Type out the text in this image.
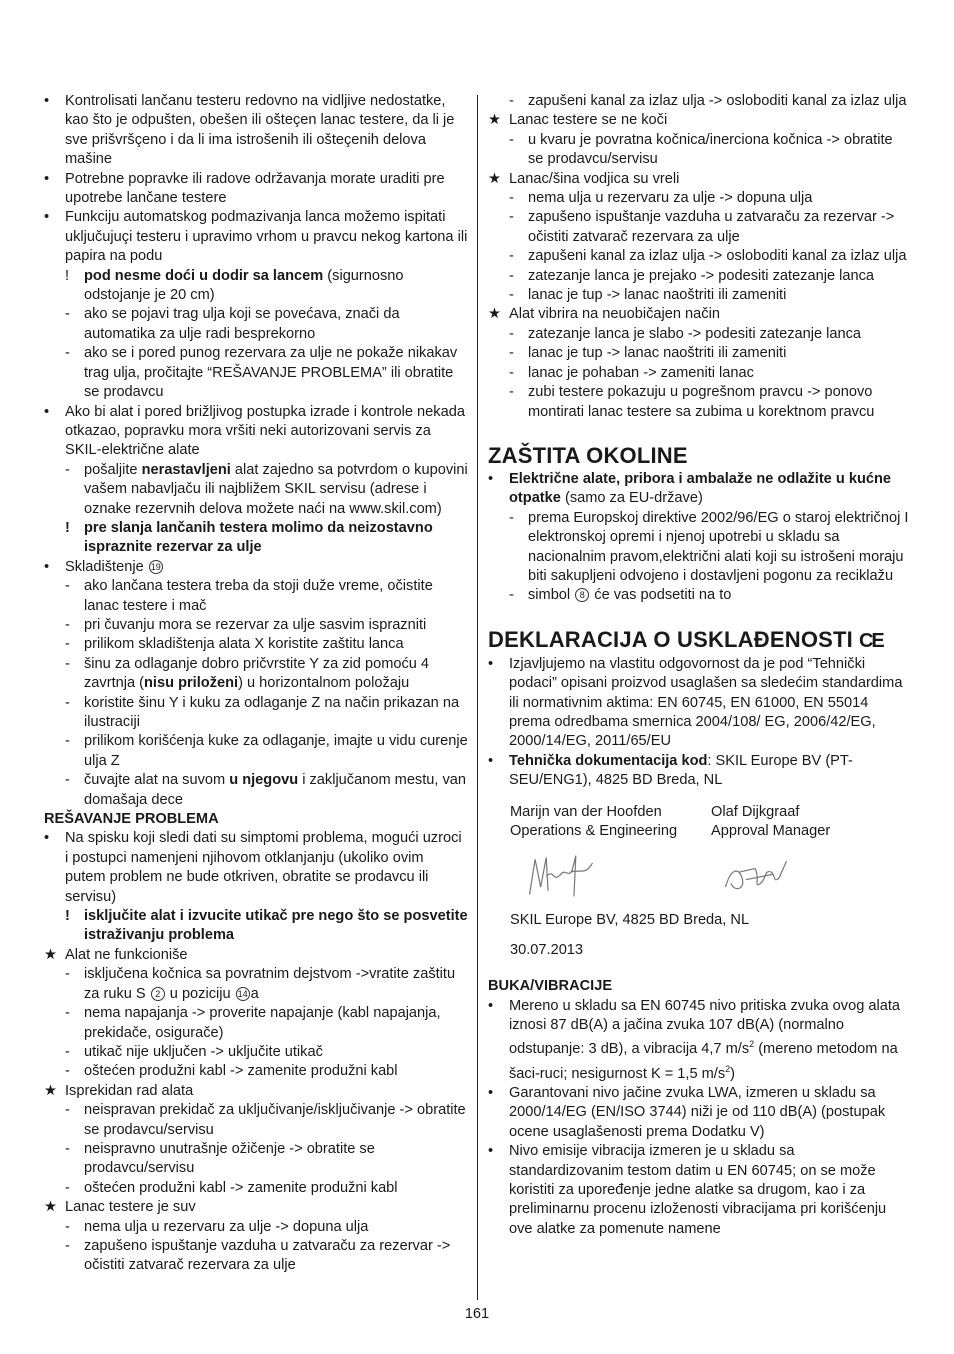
• Kontrolisati lančanu testeru redovno na vidljive nedostatke, kao što je odpušten, obešen ili ošteçen lanac testere, da li je sve prišvršçeno i da li ima istrošenih ili ošteçenih delova mašine
• Potrebne popravke ili radove održavanja morate uraditi pre upotrebe lančane testere
• Funkciju automatskog podmazivanja lanca možemo ispitati uključujuçi testeru i upravimo vrhom u pravcu nekog kartona ili papira na podu
! pod nesme doći u dodir sa lancem (sigurnosno odstojanje je 20 cm)
- ako se pojavi trag ulja koji se povećava, znači da automatika za ulje radi besprekorno
- ako se i pored punog rezervara za ulje ne pokaže nikakav trag ulja, pročitajte “REŠAVANJE PROBLEMA” ili obratite se prodavcu
• Ako bi alat i pored brižljivog postupka izrade i kontrole nekada otkazao, popravku mora vršiti neki autorizovani servis za SKIL-električne alate
- pošaljite nerastavljeni alat zajedno sa potvrdom o kupovini vašem nabavljaču ili najbližem SKIL servisu (adrese i oznake rezervnih delova možete naći na www.skil.com)
! pre slanja lančanih testera molimo da neizostavno ispraznite rezervar za ulje
• Skladištenje 19
- ako lančana testera treba da stoji duže vreme, očistite lanac testere i mač
- pri čuvanju mora se rezervar za ulje sasvim isprazniti
- prilikom skladištenja alata X koristite zaštitu lanca
- šinu za odlaganje dobro pričvrstite Y za zid pomoću 4 zavrtnja (nisu priloženi) u horizontalnom položaju
- koristite šinu Y i kuku za odlaganje Z na način prikazan na ilustraciji
- prilikom korišćenja kuke za odlaganje, imajte u vidu curenje ulja Z
- čuvajte alat na suvom u njegovu i zaključanom mestu, van domašaja dece
REŠAVANJE PROBLEMA
• Na spisku koji sledi dati su simptomi problema, mogući uzroci i postupci namenjeni njihovom otklanjanju (ukoliko ovim putem problem ne bude otkriven, obratite se prodavcu ili servisu)
! isključite alat i izvucite utikač pre nego što se posvetite istraživanju problema
★ Alat ne funkcioniše
- isključena kočnica sa povratnim dejstvom ->vratite zaštitu za ruku S 2 u poziciju 14 a
- nema napajanja -> proverite napajanje (kabl napajanja, prekidače, osigurače)
- utikač nije uključen -> uključite utikač
- oštećen produžni kabl -> zamenite produžni kabl
★ Isprekidan rad alata
- neispravan prekidač za uključivanje/isključivanje -> obratite se prodavcu/servisu
- neispravno unutrašnje ožičenje -> obratite se prodavcu/servisu
- oštećen produžni kabl -> zamenite produžni kabl
★ Lanac testere je suv
- nema ulja u rezervaru za ulje -> dopuna ulja
- zapušeno ispuštanje vazduha u zatvaraču za rezervar -> očistiti zatvarač rezervara za ulje
- zapušeni kanal za izlaz ulja -> osloboditi kanal za izlaz ulja
★ Lanac testere se ne koči
- u kvaru je povratna kočnica/inerciona kočnica -> obratite se prodavcu/servisu
★ Lanac/šina vodjica su vreli
- nema ulja u rezervaru za ulje -> dopuna ulja
- zapušeno ispuštanje vazduha u zatvaraču za rezervar -> očistiti zatvarač rezervara za ulje
- zapušeni kanal za izlaz ulja -> osloboditi kanal za izlaz ulja
- zatezanje lanca je prejako -> podesiti zatezanje lanca
- lanac je tup -> lanac naoštriti ili zameniti
★ Alat vibrira na neuobičajen način
- zatezanje lanca je slabo -> podesiti zatezanje lanca
- lanac je tup -> lanac naoštriti ili zameniti
- lanac je pohaban -> zameniti lanac
- zubi testere pokazuju u pogrešnom pravcu -> ponovo montirati lanac testere sa zubima u korektnom pravcu
ZAŠTITA OKOLINE
• Električne alate, pribora i ambalaže ne odlažite u kućne otpatke (samo za EU-države)
- prema Europskoj direktive 2002/96/EG o staroj električnoj I elektronskoj opremi i njenoj upotrebi u skladu sa nacionalnim pravom,električni alati koji su istrošeni moraju biti sakupljeni odvojeno i dostavljeni pogonu za reciklažu
- simbol 8 će vas podsetiti na to
DEKLARACIJA O USKLAĐENOSTI CE
• Izjavljujemo na vlastitu odgovornost da je pod “Tehnički podaci” opisani proizvod usaglašen sa sledećim standardima ili normativnim aktima: EN 60745, EN 61000, EN 55014 prema odredbama smernica 2004/108/ EG, 2006/42/EG, 2000/14/EG, 2011/65/EU
• Tehnička dokumentacija kod: SKIL Europe BV (PT-SEU/ENG1), 4825 BD Breda, NL
Marijn van der Hoofden
Operations & Engineering
Olaf Dijkgraaf
Approval Manager
SKIL Europe BV, 4825 BD Breda, NL
30.07.2013
BUKA/VIBRACIJE
• Mereno u skladu sa EN 60745 nivo pritiska zvuka ovog alata iznosi 87 dB(A) a jačina zvuka 107 dB(A) (normalno odstupanje: 3 dB), a vibracija 4,7 $m/s^2$ (mereno metodom na šaci-ruci; nesigurnost K = 1,5 $m/s^2$)
• Garantovani nivo jačine zvuka LWA, izmeren u skladu sa 2000/14/EG (EN/ISO 3744) niži je od 110 dB(A) (postupak ocene usaglašenosti prema Dodatku V)
• Nivo emisije vibracija izmeren je u skladu sa standardizovanim testom datim u EN 60745; on se može koristiti za upoređenje jedne alatke sa drugom, kao i za preliminarnu procenu izloženosti vibracijama pri korišćenju ove alatke za pomenute namene
161
